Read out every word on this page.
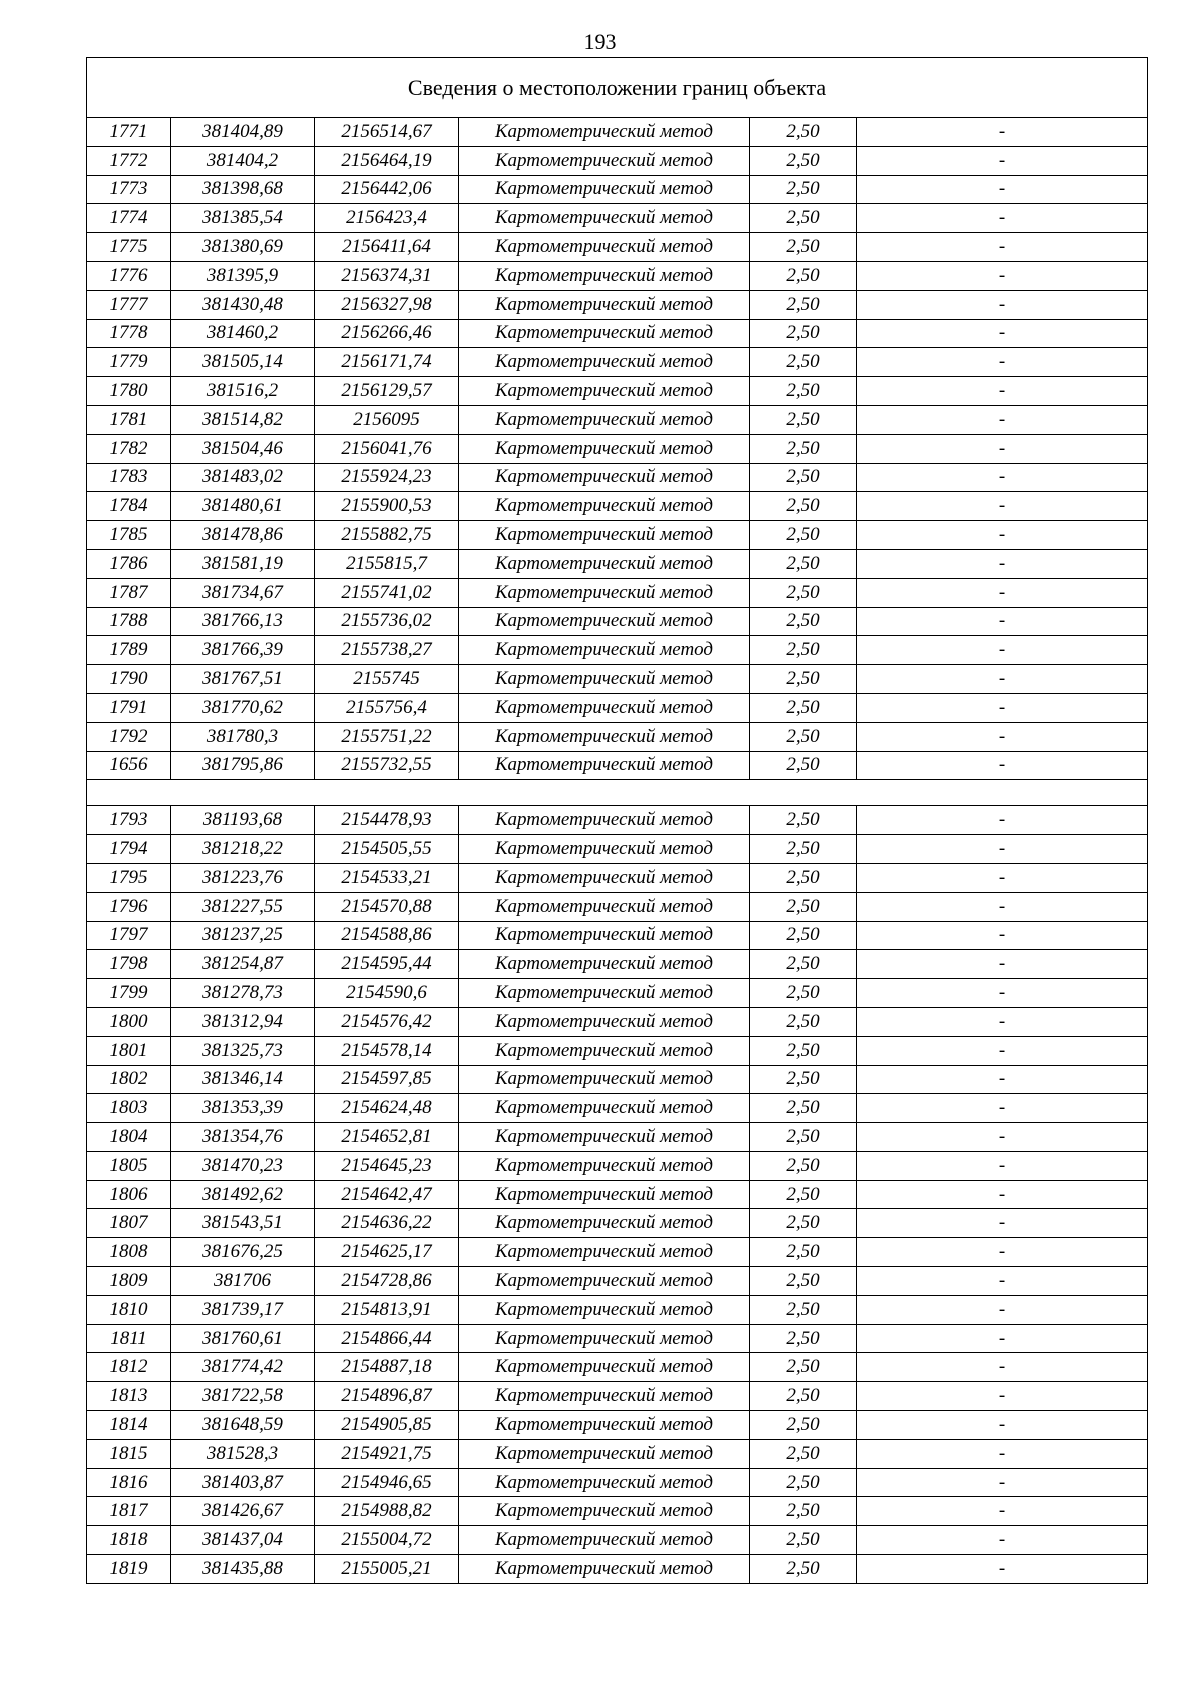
193
Сведения о местоположении границ объекта					
1771	381404,89	2156514,67	Картометрический метод	2,50	-
1772	381404,2	2156464,19	Картометрический метод	2,50	-
1773	381398,68	2156442,06	Картометрический метод	2,50	-
1774	381385,54	2156423,4	Картометрический метод	2,50	-
1775	381380,69	2156411,64	Картометрический метод	2,50	-
1776	381395,9	2156374,31	Картометрический метод	2,50	-
1777	381430,48	2156327,98	Картометрический метод	2,50	-
1778	381460,2	2156266,46	Картометрический метод	2,50	-
1779	381505,14	2156171,74	Картометрический метод	2,50	-
1780	381516,2	2156129,57	Картометрический метод	2,50	-
1781	381514,82	2156095	Картометрический метод	2,50	-
1782	381504,46	2156041,76	Картометрический метод	2,50	-
1783	381483,02	2155924,23	Картометрический метод	2,50	-
1784	381480,61	2155900,53	Картометрический метод	2,50	-
1785	381478,86	2155882,75	Картометрический метод	2,50	-
1786	381581,19	2155815,7	Картометрический метод	2,50	-
1787	381734,67	2155741,02	Картометрический метод	2,50	-
1788	381766,13	2155736,02	Картометрический метод	2,50	-
1789	381766,39	2155738,27	Картометрический метод	2,50	-
1790	381767,51	2155745	Картометрический метод	2,50	-
1791	381770,62	2155756,4	Картометрический метод	2,50	-
1792	381780,3	2155751,22	Картометрический метод	2,50	-
1656	381795,86	2155732,55	Картометрический метод	2,50	-

1793	381193,68	2154478,93	Картометрический метод	2,50	-
1794	381218,22	2154505,55	Картометрический метод	2,50	-
1795	381223,76	2154533,21	Картометрический метод	2,50	-
1796	381227,55	2154570,88	Картометрический метод	2,50	-
1797	381237,25	2154588,86	Картометрический метод	2,50	-
1798	381254,87	2154595,44	Картометрический метод	2,50	-
1799	381278,73	2154590,6	Картометрический метод	2,50	-
1800	381312,94	2154576,42	Картометрический метод	2,50	-
1801	381325,73	2154578,14	Картометрический метод	2,50	-
1802	381346,14	2154597,85	Картометрический метод	2,50	-
1803	381353,39	2154624,48	Картометрический метод	2,50	-
1804	381354,76	2154652,81	Картометрический метод	2,50	-
1805	381470,23	2154645,23	Картометрический метод	2,50	-
1806	381492,62	2154642,47	Картометрический метод	2,50	-
1807	381543,51	2154636,22	Картометрический метод	2,50	-
1808	381676,25	2154625,17	Картометрический метод	2,50	-
1809	381706	2154728,86	Картометрический метод	2,50	-
1810	381739,17	2154813,91	Картометрический метод	2,50	-
1811	381760,61	2154866,44	Картометрический метод	2,50	-
1812	381774,42	2154887,18	Картометрический метод	2,50	-
1813	381722,58	2154896,87	Картометрический метод	2,50	-
1814	381648,59	2154905,85	Картометрический метод	2,50	-
1815	381528,3	2154921,75	Картометрический метод	2,50	-
1816	381403,87	2154946,65	Картометрический метод	2,50	-
1817	381426,67	2154988,82	Картометрический метод	2,50	-
1818	381437,04	2155004,72	Картометрический метод	2,50	-
1819	381435,88	2155005,21	Картометрический метод	2,50	-
